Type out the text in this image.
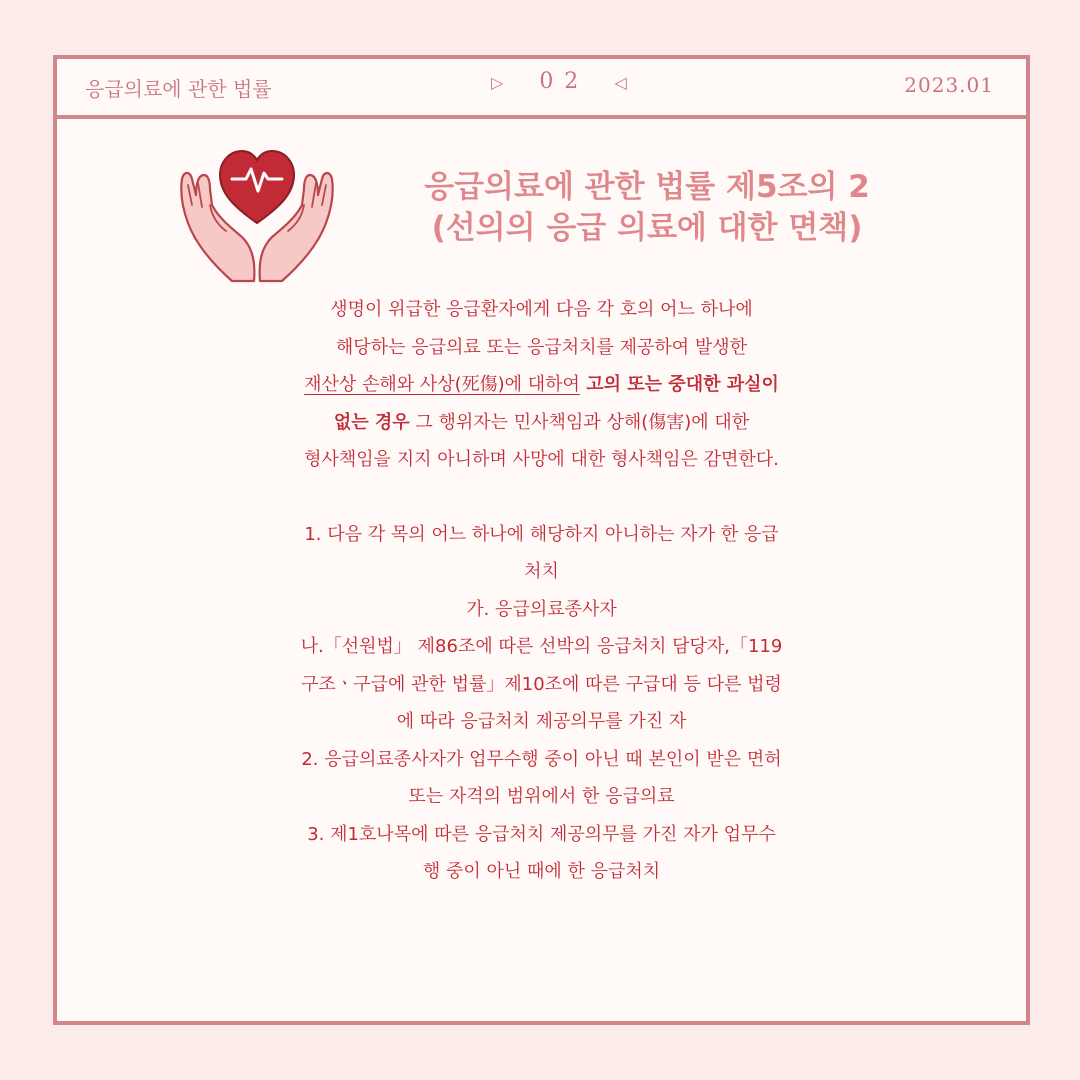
응급의료에 관한 법률	▷ 0 2 ◁	2023.01
응급의료에 관한 법률 제5조의 2
(선의의 응급 의료에 대한 면책)
생명이 위급한 응급환자에게 다음 각 호의 어느 하나에
해당하는 응급의료 또는 응급처치를 제공하여 발생한
재산상 손해와 사상(死傷)에 대하여 고의 또는 중대한 과실이
없는 경우 그 행위자는 민사책임과 상해(傷害)에 대한
형사책임을 지지 아니하며 사망에 대한 형사책임은 감면한다.
1. 다음 각 목의 어느 하나에 해당하지 아니하는 자가 한 응급
처치
가. 응급의료종사자
나.「선원법」 제86조에 따른 선박의 응급처치 담당자,「119
구조ㆍ구급에 관한 법률」제10조에 따른 구급대 등 다른 법령
에 따라 응급처치 제공의무를 가진 자
2. 응급의료종사자가 업무수행 중이 아닌 때 본인이 받은 면허
또는 자격의 범위에서 한 응급의료
3. 제1호나목에 따른 응급처치 제공의무를 가진 자가 업무수
행 중이 아닌 때에 한 응급처치
